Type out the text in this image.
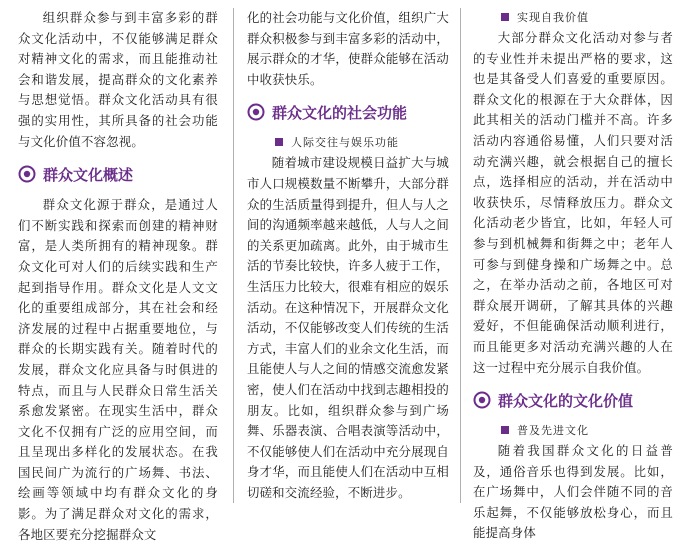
组织群众参与到丰富多彩的群众文化活动中，不仅能够满足群众对精神文化的需求，而且能推动社会和谐发展，提高群众的文化素养与思想觉悟。群众文化活动具有很强的实用性，其所具备的社会功能与文化价值不容忽视。

群众文化概述

群众文化源于群众，是通过人们不断实践和探索而创建的精神财富，是人类所拥有的精神现象。群众文化可对人们的后续实践和生产起到指导作用。群众文化是人文文化的重要组成部分，其在社会和经济发展的过程中占据重要地位，与群众的长期实践有关。随着时代的发展，群众文化应具备与时俱进的特点，而且与人民群众日常生活关系愈发紧密。在现实生活中，群众文化不仅拥有广泛的应用空间，而且呈现出多样化的发展状态。在我国民间广为流行的广场舞、书法、绘画等领域中均有群众文化的身影。为了满足群众对文化的需求，各地区要充分挖掘群众文

化的社会功能与文化价值，组织广大群众积极参与到丰富多彩的活动中，展示群众的才华，使群众能够在活动中收获快乐。

群众文化的社会功能
人际交往与娱乐功能

随着城市建设规模日益扩大与城市人口规模数量不断攀升，大部分群众的生活质量得到提升，但人与人之间的沟通频率越来越低，人与人之间的关系更加疏离。此外，由于城市生活的节奏比较快，许多人疲于工作，生活压力比较大，很难有相应的娱乐活动。在这种情况下，开展群众文化活动，不仅能够改变人们传统的生活方式，丰富人们的业余文化生活，而且能使人与人之间的情感交流愈发紧密，使人们在活动中找到志趣相投的朋友。比如，组织群众参与到广场舞、乐器表演、合唱表演等活动中，不仅能够使人们在活动中充分展现自身才华，而且能使人们在活动中互相切磋和交流经验，不断进步。

实现自我价值

大部分群众文化活动对参与者的专业性并未提出严格的要求，这也是其备受人们喜爱的重要原因。群众文化的根源在于大众群体，因此其相关的活动门槛并不高。许多活动内容通俗易懂，人们只要对活动充满兴趣，就会根据自己的擅长点，选择相应的活动，并在活动中收获快乐，尽情释放压力。群众文化活动老少皆宜，比如，年轻人可参与到机械舞和街舞之中；老年人可参与到健身操和广场舞之中。总之，在举办活动之前，各地区可对群众展开调研，了解其具体的兴趣爱好，不但能确保活动顺利进行，而且能更多对活动充满兴趣的人在这一过程中充分展示自我价值。

群众文化的文化价值
普及先进文化

随着我国群众文化的日益普及，通俗音乐也得到发展。比如，在广场舞中，人们会伴随不同的音乐起舞，不仅能够放松身心，而且能提高身体
